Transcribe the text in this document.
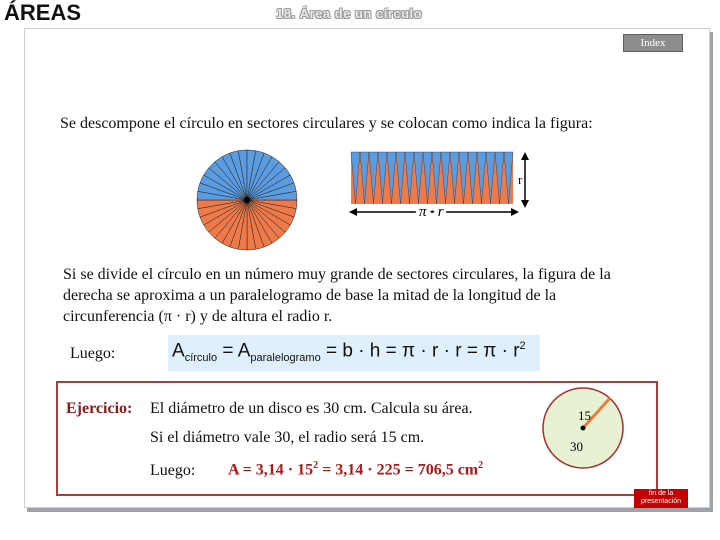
ÁREAS	18. Área de un círculo
Index
Se descompone el círculo en sectores circulares y se colocan como indica la figura:
r
π · r
Si se divide el círculo en un número muy grande de sectores circulares, la figura de la derecha se aproxima a un paralelogramo de base la mitad de la longitud de la circunferencia (π · r) y de altura el radio r.
Luego:	$A_{círculo} = A_{paralelogramo} = b \cdot h = \pi \cdot r \cdot r = \pi \cdot r^2$
Ejercicio: El diámetro de un disco es 30 cm. Calcula su área.
Si el diámetro vale 30, el radio será 15 cm.
Luego: $A = 3,14 \cdot 15^2 = 3,14 \cdot 225 = 706,5$ $cm^2$
15
30
fin de la
presentación
